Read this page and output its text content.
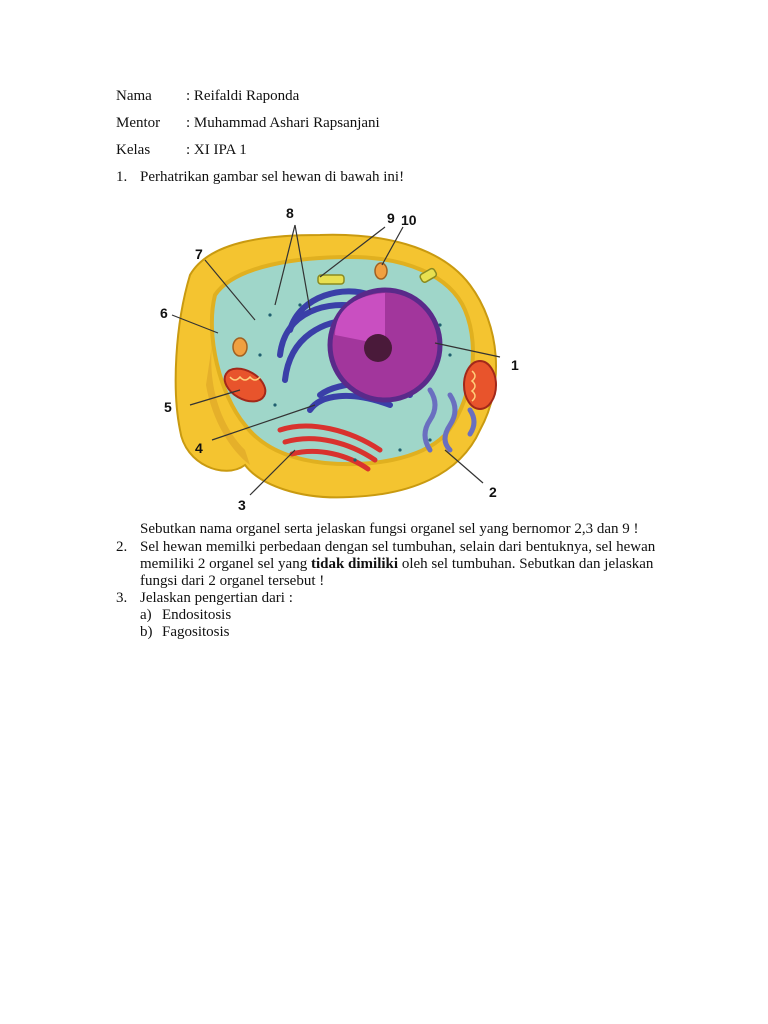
Nama : Reifaldi Raponda
Mentor : Muhammad Ashari Rapsanjani
Kelas : XI IPA 1
1. Perhatrikan gambar sel hewan di bawah ini!
1
2
3
4
5
6
7
8	9 10
Sebutkan nama organel serta jelaskan fungsi organel sel yang bernomor 2,3 dan 9 !
2. Sel hewan memilki perbedaan dengan sel tumbuhan, selain dari bentuknya, sel hewan
memiliki 2 organel sel yang tidak dimiliki oleh sel tumbuhan. Sebutkan dan jelaskan
fungsi dari 2 organel tersebut !
3. Jelaskan pengertian dari :
a) Endositosis
b) Fagositosis
